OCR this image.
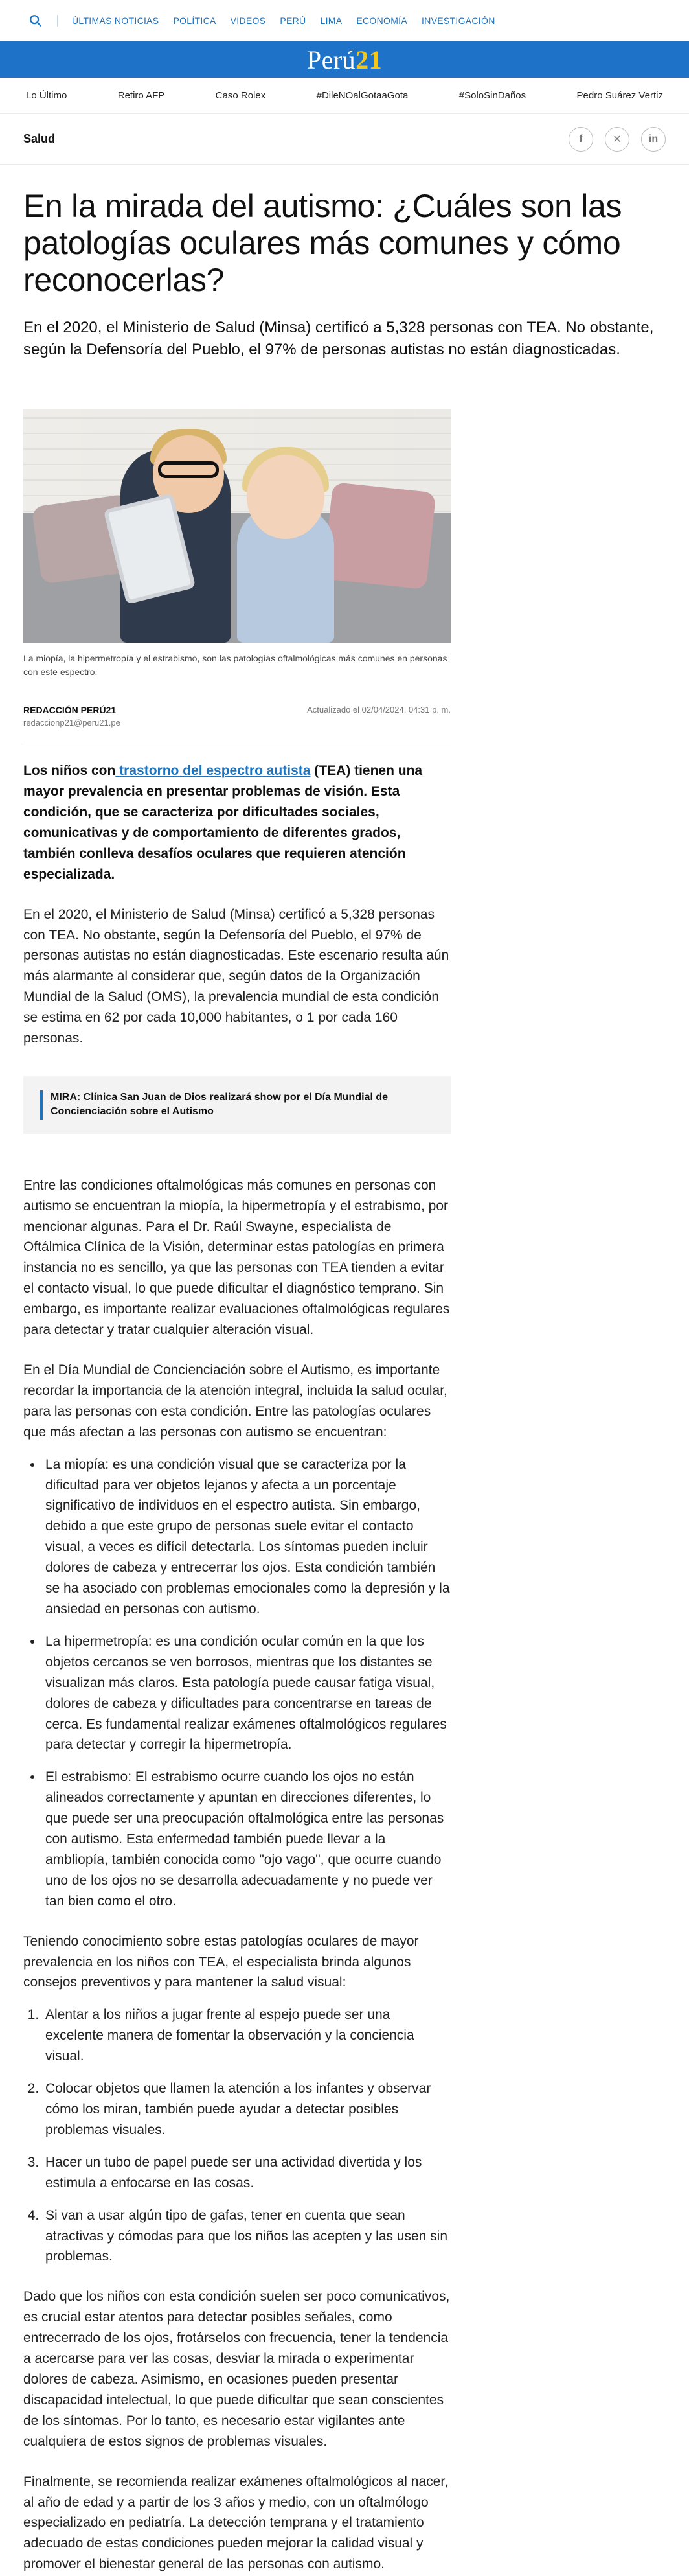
ÚLTIMAS NOTICIAS POLÍTICA VIDEOS PERÚ LIMA ECONOMÍA INVESTIGACIÓN
Perú21
Lo Último	Retiro AFP	Caso Rolex	#DileNOalGotaaGota	#SoloSinDaños	Pedro Suárez Vertiz
Salud	f	✕	in
En la mirada del autismo: ¿Cuáles son las patologías oculares más comunes y cómo reconocerlas?

En el 2020, el Ministerio de Salud (Minsa) certificó a 5,328 personas con TEA. No obstante, según la Defensoría del Pueblo, el 97% de personas autistas no están diagnosticadas.

La miopía, la hipermetropía y el estrabismo, son las patologías oftalmológicas más comunes en personas con este espectro.

REDACCIÓN PERÚ21
redaccionp21@peru21.pe
Actualizado el 02/04/2024, 04:31 p. m.

Los niños con trastorno del espectro autista (TEA) tienen una mayor prevalencia en presentar problemas de visión. Esta condición, que se caracteriza por dificultades sociales, comunicativas y de comportamiento de diferentes grados, también conlleva desafíos oculares que requieren atención especializada.

En el 2020, el Ministerio de Salud (Minsa) certificó a 5,328 personas con TEA. No obstante, según la Defensoría del Pueblo, el 97% de personas autistas no están diagnosticadas. Este escenario resulta aún más alarmante al considerar que, según datos de la Organización Mundial de la Salud (OMS), la prevalencia mundial de esta condición se estima en 62 por cada 10,000 habitantes, o 1 por cada 160 personas.

MIRA: Clínica San Juan de Dios realizará show por el Día Mundial de Concienciación sobre el Autismo

Entre las condiciones oftalmológicas más comunes en personas con autismo se encuentran la miopía, la hipermetropía y el estrabismo, por mencionar algunas. Para el Dr. Raúl Swayne, especialista de Oftálmica Clínica de la Visión, determinar estas patologías en primera instancia no es sencillo, ya que las personas con TEA tienden a evitar el contacto visual, lo que puede dificultar el diagnóstico temprano. Sin embargo, es importante realizar evaluaciones oftalmológicas regulares para detectar y tratar cualquier alteración visual.

En el Día Mundial de Concienciación sobre el Autismo, es importante recordar la importancia de la atención integral, incluida la salud ocular, para las personas con esta condición. Entre las patologías oculares que más afectan a las personas con autismo se encuentran:

• La miopía: es una condición visual que se caracteriza por la dificultad para ver objetos lejanos y afecta a un porcentaje significativo de individuos en el espectro autista. Sin embargo, debido a que este grupo de personas suele evitar el contacto visual, a veces es difícil detectarla. Los síntomas pueden incluir dolores de cabeza y entrecerrar los ojos. Esta condición también se ha asociado con problemas emocionales como la depresión y la ansiedad en personas con autismo.
• La hipermetropía: es una condición ocular común en la que los objetos cercanos se ven borrosos, mientras que los distantes se visualizan más claros. Esta patología puede causar fatiga visual, dolores de cabeza y dificultades para concentrarse en tareas de cerca. Es fundamental realizar exámenes oftalmológicos regulares para detectar y corregir la hipermetropía.
• El estrabismo: El estrabismo ocurre cuando los ojos no están alineados correctamente y apuntan en direcciones diferentes, lo que puede ser una preocupación oftalmológica entre las personas con autismo. Esta enfermedad también puede llevar a la ambliopía, también conocida como "ojo vago", que ocurre cuando uno de los ojos no se desarrolla adecuadamente y no puede ver tan bien como el otro.

Teniendo conocimiento sobre estas patologías oculares de mayor prevalencia en los niños con TEA, el especialista brinda algunos consejos preventivos y para mantener la salud visual:

1. Alentar a los niños a jugar frente al espejo puede ser una excelente manera de fomentar la observación y la conciencia visual.
2. Colocar objetos que llamen la atención a los infantes y observar cómo los miran, también puede ayudar a detectar posibles problemas visuales.
3. Hacer un tubo de papel puede ser una actividad divertida y los estimula a enfocarse en las cosas.
4. Si van a usar algún tipo de gafas, tener en cuenta que sean atractivas y cómodas para que los niños las acepten y las usen sin problemas.

Dado que los niños con esta condición suelen ser poco comunicativos, es crucial estar atentos para detectar posibles señales, como entrecerrado de los ojos, frotárselos con frecuencia, tener la tendencia a acercarse para ver las cosas, desviar la mirada o experimentar dolores de cabeza. Asimismo, en ocasiones pueden presentar discapacidad intelectual, lo que puede dificultar que sean conscientes de los síntomas. Por lo tanto, es necesario estar vigilantes ante cualquiera de estos signos de problemas visuales.

Finalmente, se recomienda realizar exámenes oftalmológicos al nacer, al año de edad y a partir de los 3 años y medio, con un oftalmólogo especializado en pediatría. La detección temprana y el tratamiento adecuado de estas condiciones pueden mejorar la calidad visual y promover el bienestar general de las personas con autismo.
